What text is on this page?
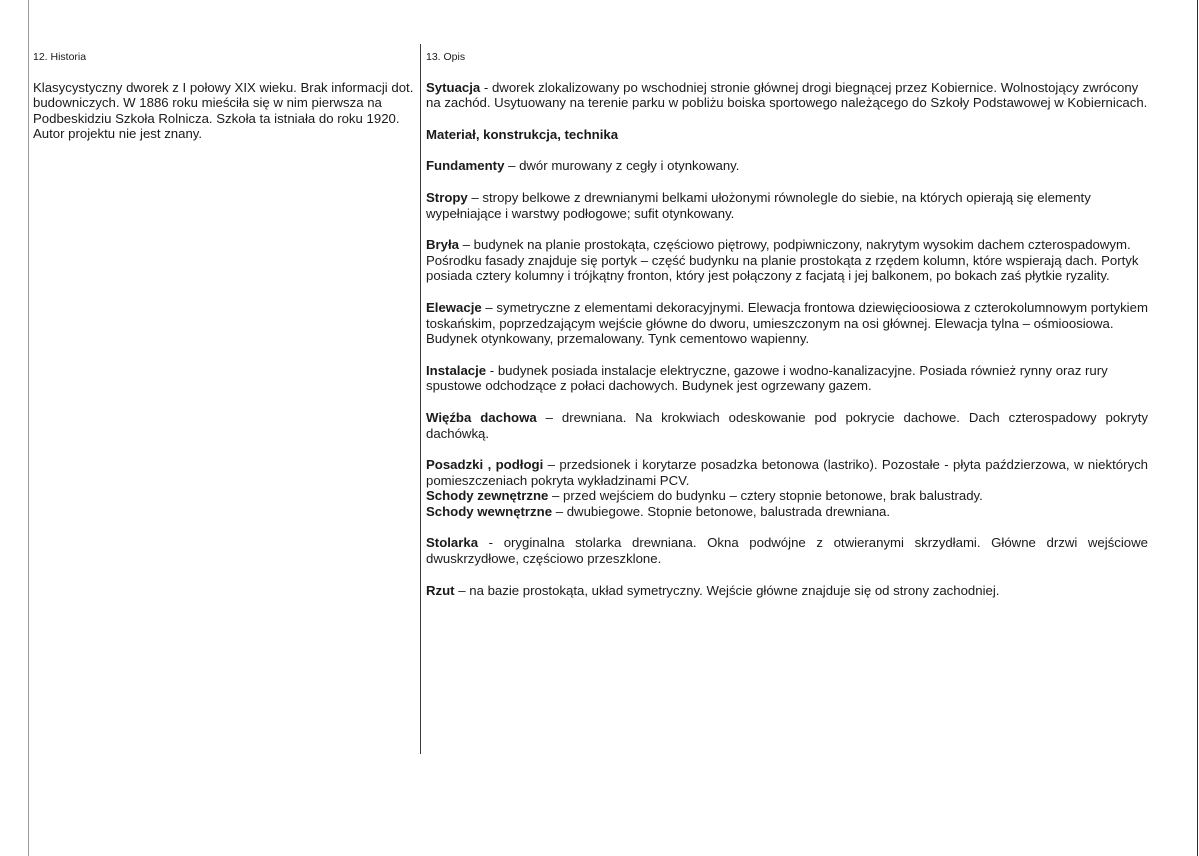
12. Historia

Klasycystyczny dworek z I połowy XIX wieku. Brak informacji dot. budowniczych. W 1886 roku mieściła się w nim pierwsza na Podbeskidziu Szkoła Rolnicza. Szkoła ta istniała do roku 1920. Autor projektu nie jest znany.

13. Opis

Sytuacja - dworek zlokalizowany po wschodniej stronie głównej drogi biegnącej przez Kobiernice. Wolnostojący zwrócony na zachód. Usytuowany na terenie parku w pobliżu boiska sportowego należącego do Szkoły Podstawowej w Kobiernicach.

Materiał, konstrukcja, technika

Fundamenty – dwór murowany z cegły i otynkowany.

Stropy – stropy belkowe z drewnianymi belkami ułożonymi równolegle do siebie, na których opierają się elementy wypełniające i warstwy podłogowe; sufit otynkowany.

Bryła – budynek na planie prostokąta, częściowo piętrowy, podpiwniczony, nakrytym wysokim dachem czterospadowym. Pośrodku fasady znajduje się portyk – część budynku na planie prostokąta z rzędem kolumn, które wspierają dach. Portyk posiada cztery kolumny i trójkątny fronton, który jest połączony z facjatą i jej balkonem, po bokach zaś płytkie ryzality.

Elewacje – symetryczne z elementami dekoracyjnymi. Elewacja frontowa dziewięcioosiowa z czterokolumnowym portykiem toskańskim, poprzedzającym wejście główne do dworu, umieszczonym na osi głównej. Elewacja tylna – ośmioosiowa. Budynek otynkowany, przemalowany. Tynk cementowo wapienny.

Instalacje - budynek posiada instalacje elektryczne, gazowe i wodno-kanalizacyjne. Posiada również rynny oraz rury spustowe odchodzące z połaci dachowych. Budynek jest ogrzewany gazem.

Więźba dachowa – drewniana. Na krokwiach odeskowanie pod pokrycie dachowe. Dach czterospadowy pokryty dachówką.

Posadzki , podłogi – przedsionek i korytarze posadzka betonowa (lastriko). Pozostałe - płyta paździerzowa, w niektórych pomieszczeniach pokryta wykładzinami PCV.

Schody zewnętrzne – przed wejściem do budynku – cztery stopnie betonowe, brak balustrady.

Schody wewnętrzne – dwubiegowe. Stopnie betonowe, balustrada drewniana.

Stolarka - oryginalna stolarka drewniana. Okna podwójne z otwieranymi skrzydłami. Główne drzwi wejściowe dwuskrzydłowe, częściowo przeszklone.

Rzut – na bazie prostokąta, układ symetryczny. Wejście główne znajduje się od strony zachodniej.
